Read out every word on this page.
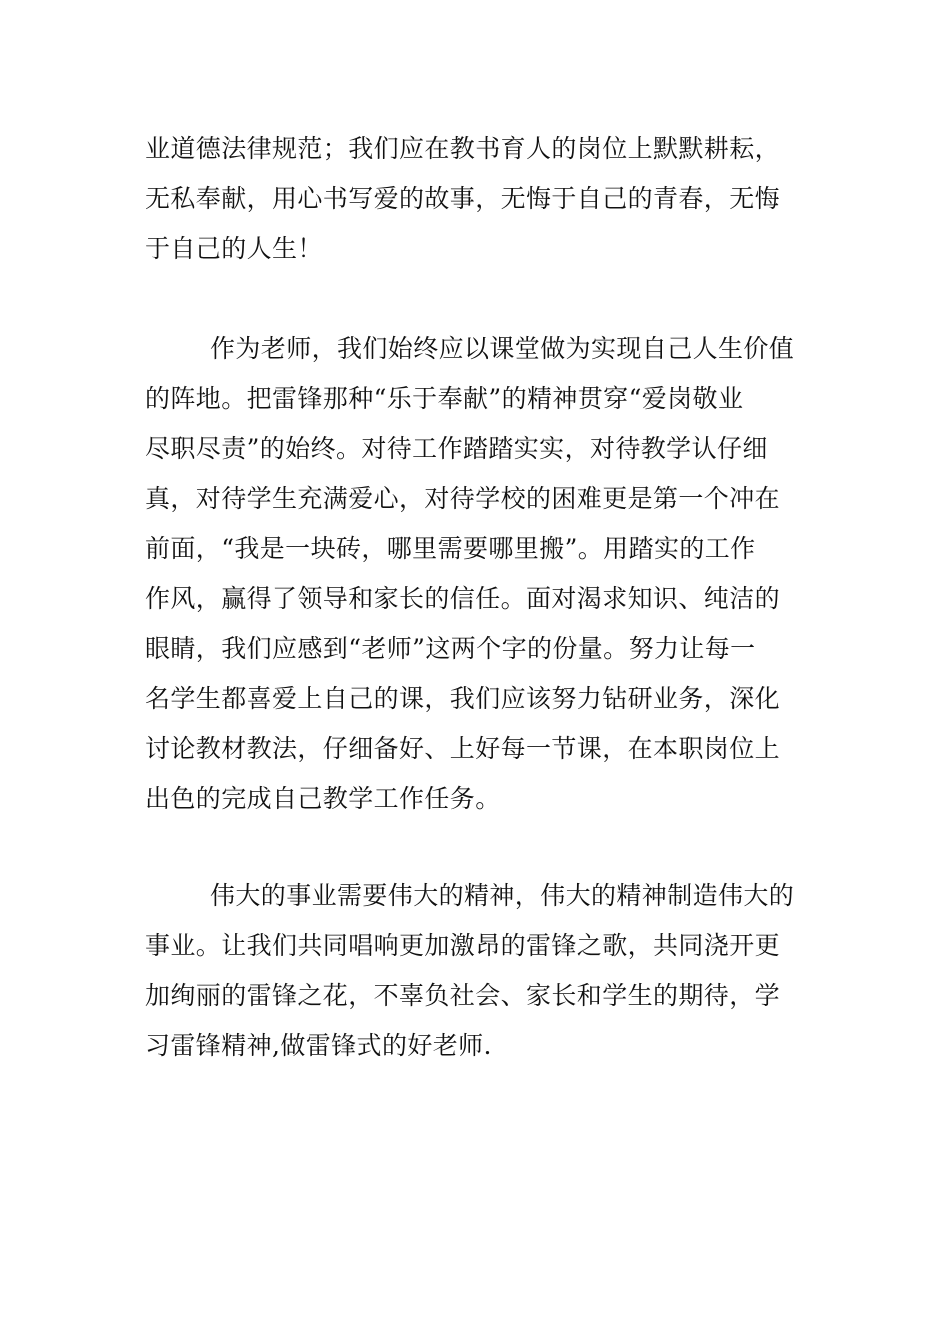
业道德法律规范；我们应在教书育人的岗位上默默耕耘，
无私奉献，用心书写爱的故事，无悔于自己的青春，无悔
于自己的人生！
作为老师，我们始终应以课堂做为实现自己人生价值
的阵地。把雷锋那种“乐于奉献”的精神贯穿“爱岗敬业
尽职尽责”的始终。对待工作踏踏实实，对待教学认仔细
真，对待学生充满爱心，对待学校的困难更是第一个冲在
前面，“我是一块砖，哪里需要哪里搬”。用踏实的工作
作风，赢得了领导和家长的信任。面对渴求知识、纯洁的
眼睛，我们应感到“老师”这两个字的份量。努力让每一
名学生都喜爱上自己的课，我们应该努力钻研业务，深化
讨论教材教法，仔细备好、上好每一节课，在本职岗位上
出色的完成自己教学工作任务。
伟大的事业需要伟大的精神，伟大的精神制造伟大的
事业。让我们共同唱响更加激昂的雷锋之歌，共同浇开更
加绚丽的雷锋之花，不辜负社会、家长和学生的期待，学
习雷锋精神,做雷锋式的好老师.
